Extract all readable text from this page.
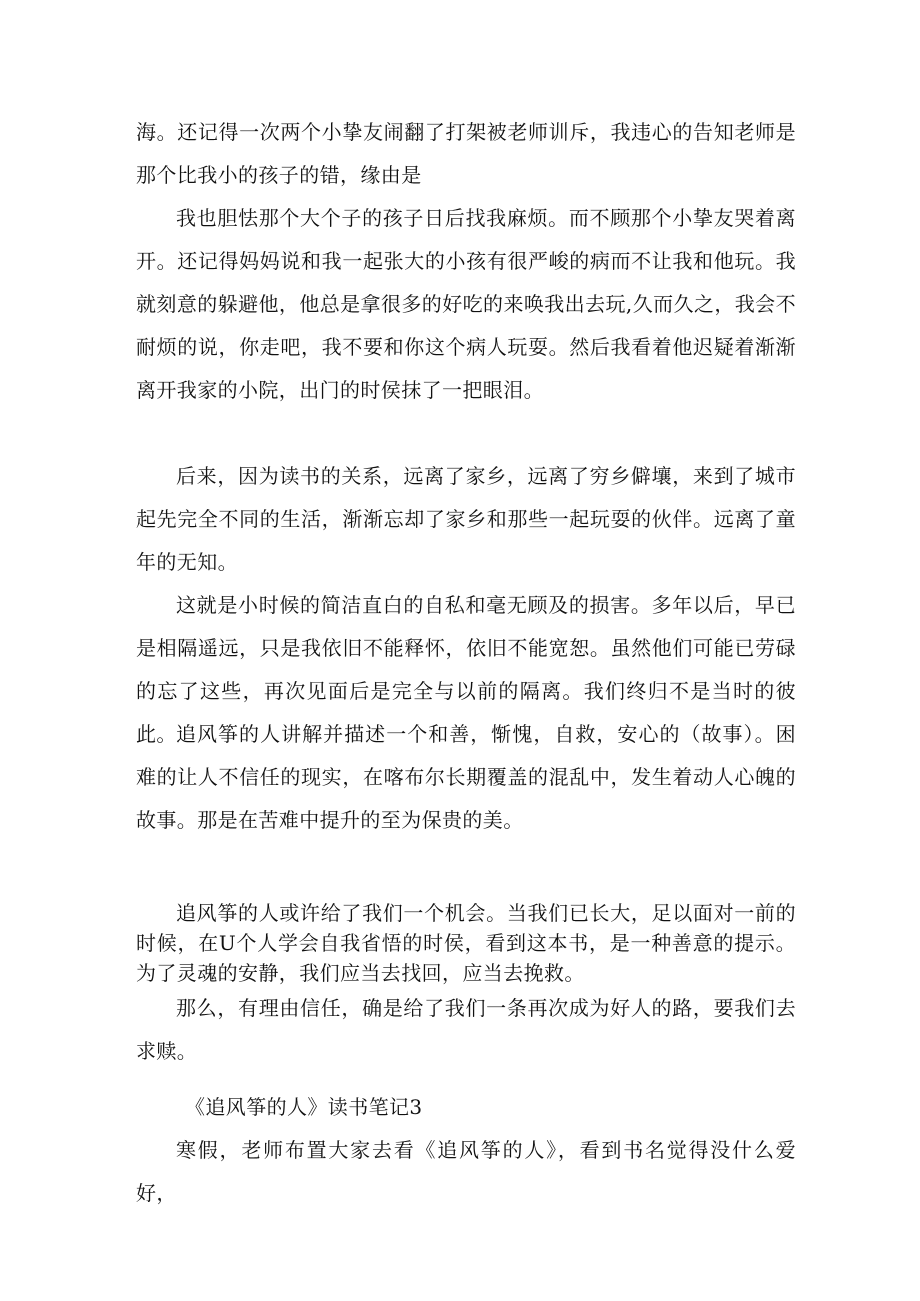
海。还记得一次两个小挚友闹翻了打架被老师训斥，我违心的告知老师是那个比我小的孩子的错，缘由是

我也胆怯那个大个子的孩子日后找我麻烦。而不顾那个小挚友哭着离开。还记得妈妈说和我一起张大的小孩有很严峻的病而不让我和他玩。我就刻意的躲避他，他总是拿很多的好吃的来唤我出去玩,久而久之，我会不耐烦的说，你走吧，我不要和你这个病人玩耍。然后我看着他迟疑着渐渐离开我家的小院，出门的时侯抹了一把眼泪。

后来，因为读书的关系，远离了家乡，远离了穷乡僻壤，来到了城市起先完全不同的生活，渐渐忘却了家乡和那些一起玩耍的伙伴。远离了童年的无知。

这就是小时候的简洁直白的自私和毫无顾及的损害。多年以后，早已是相隔遥远，只是我依旧不能释怀，依旧不能宽恕。虽然他们可能已劳碌的忘了这些，再次见面后是完全与以前的隔离。我们终归不是当时的彼此。 追风筝的人讲解并描述一个和善，惭愧，自救，安心的（故事）。困难的让人不信任的现实，在喀布尔长期覆盖的混乱中，发生着动人心魄的故事。那是在苦难中提升的至为保贵的美。

追风筝的人或许给了我们一个机会。当我们已长大，足以面对一前的时候，在U个人学会自我省悟的时侯，看到这本书，是一种善意的提示。为了灵魂的安静，我们应当去找回，应当去挽救。

那么，有理由信任，确是给了我们一条再次成为好人的路，要我们去求赎。

《追风筝的人》读书笔记3

寒假，老师布置大家去看《追风筝的人》，看到书名觉得没什么爱好，
